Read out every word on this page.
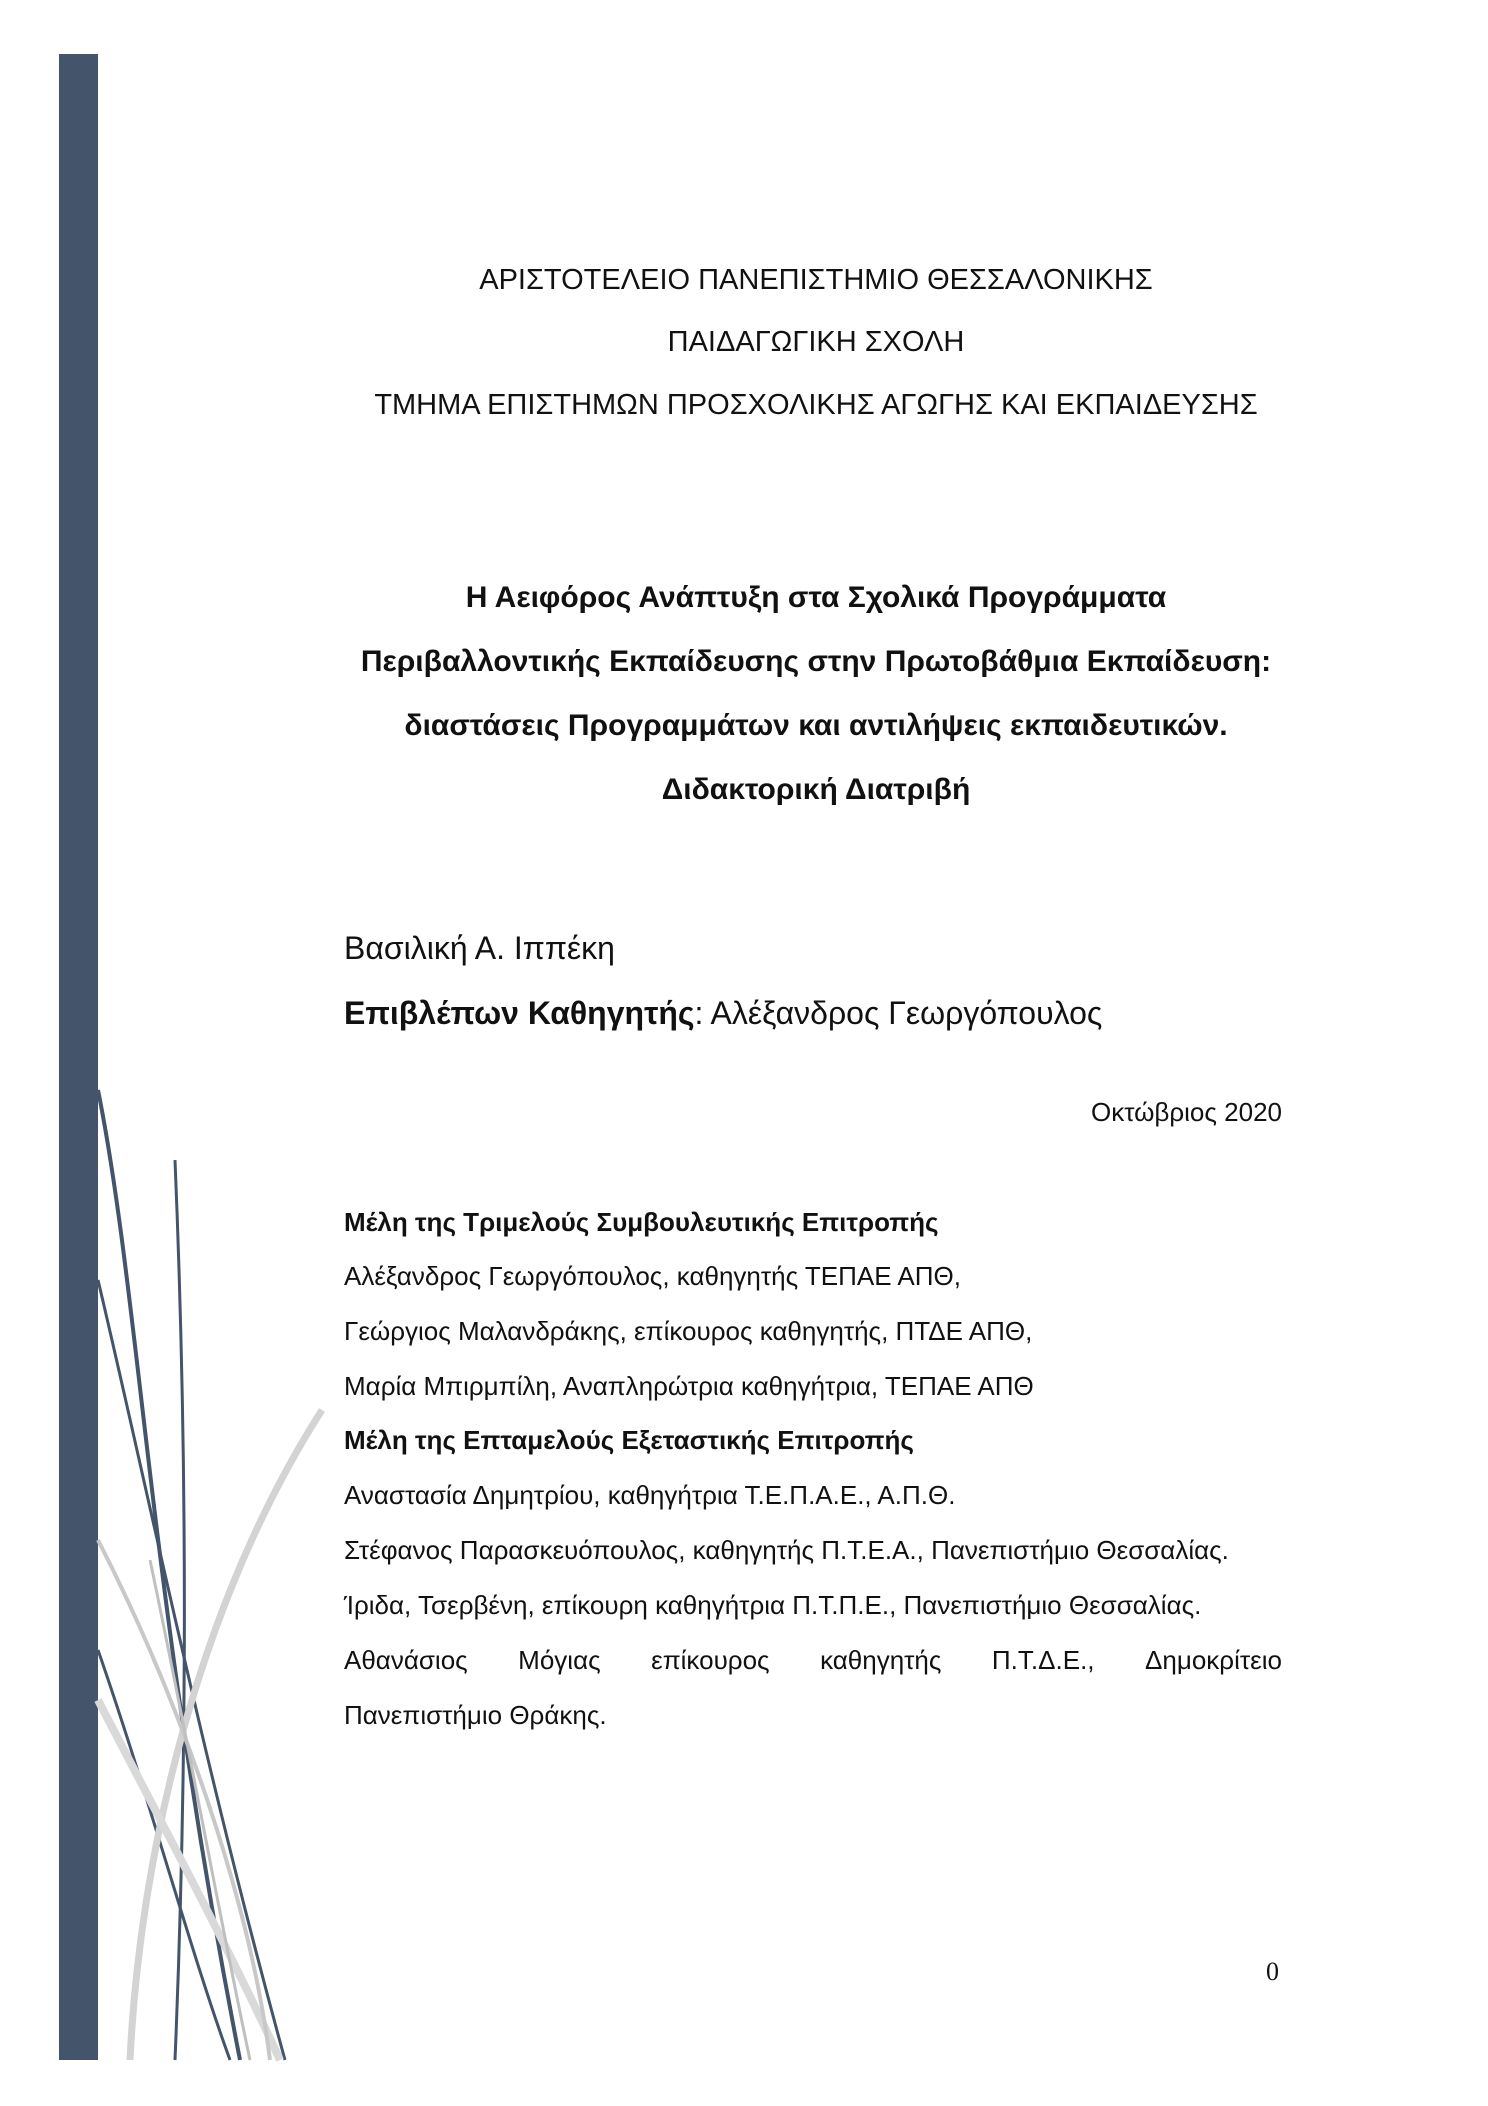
ΑΡΙΣΤΟΤΕΛΕΙΟ ΠΑΝΕΠΙΣΤΗΜΙΟ ΘΕΣΣΑΛΟΝΙΚΗΣ
ΠΑΙΔΑΓΩΓΙΚΗ ΣΧΟΛΗ
ΤΜΗΜΑ ΕΠΙΣΤΗΜΩΝ ΠΡΟΣΧΟΛΙΚΗΣ ΑΓΩΓΗΣ ΚΑΙ ΕΚΠΑΙΔΕΥΣΗΣ
Η Αειφόρος Ανάπτυξη στα Σχολικά Προγράμματα
Περιβαλλοντικής Εκπαίδευσης στην Πρωτοβάθμια Εκπαίδευση:
διαστάσεις Προγραμμάτων και αντιλήψεις εκπαιδευτικών.
Διδακτορική Διατριβή
Βασιλική Α. Ιππέκη
Επιβλέπων Καθηγητής: Αλέξανδρος Γεωργόπουλος
Οκτώβριος 2020
Μέλη της Τριμελούς Συμβουλευτικής Επιτροπής
Αλέξανδρος Γεωργόπουλος, καθηγητής ΤΕΠΑΕ ΑΠΘ,
Γεώργιος Μαλανδράκης, επίκουρος καθηγητής, ΠΤΔΕ ΑΠΘ,
Μαρία Μπιρμπίλη, Αναπληρώτρια καθηγήτρια, ΤΕΠΑΕ ΑΠΘ
Μέλη της Επταμελούς Εξεταστικής Επιτροπής
Αναστασία Δημητρίου, καθηγήτρια Τ.Ε.Π.Α.Ε., Α.Π.Θ.
Στέφανος Παρασκευόπουλος, καθηγητής Π.Τ.Ε.Α., Πανεπιστήμιο Θεσσαλίας.
Ίριδα, Τσερβένη, επίκουρη καθηγήτρια Π.Τ.Π.Ε., Πανεπιστήμιο Θεσσαλίας.
Αθανάσιος Μόγιας επίκουρος καθηγητής Π.Τ.Δ.Ε., Δημοκρίτειο
Πανεπιστήμιο Θράκης.
0
